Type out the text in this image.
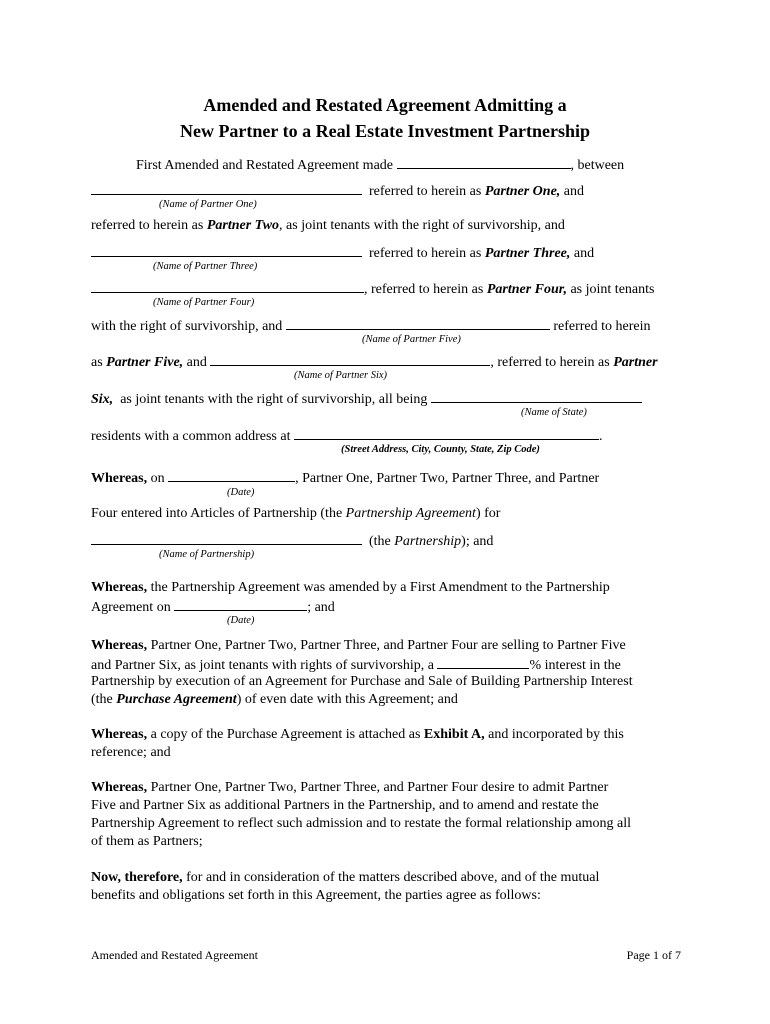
Amended and Restated Agreement Admitting a
New Partner to a Real Estate Investment Partnership
First Amended and Restated Agreement made	, between
referred to herein as Partner One, and
(Name of Partner One)
referred to herein as Partner Two, as joint tenants with the right of survivorship, and
referred to herein as Partner Three, and
(Name of Partner Three)
, referred to herein as Partner Four, as joint tenants
(Name of Partner Four)
with the right of survivorship, and	referred to herein
(Name of Partner Five)
as Partner Five, and	, referred to herein as Partner
(Name of Partner Six)
Six, as joint tenants with the right of survivorship, all being
(Name of State)
residents with a common address at	.
(Street Address, City, County, State, Zip Code)
Whereas, on	, Partner One, Partner Two, Partner Three, and Partner
(Date)
Four entered into Articles of Partnership (the Partnership Agreement) for
(the Partnership); and
(Name of Partnership)
Whereas, the Partnership Agreement was amended by a First Amendment to the Partnership
Agreement on	; and
(Date)
Whereas, Partner One, Partner Two, Partner Three, and Partner Four are selling to Partner Five
and Partner Six, as joint tenants with rights of survivorship, a	% interest in the
Partnership by execution of an Agreement for Purchase and Sale of Building Partnership Interest
(the Purchase Agreement) of even date with this Agreement; and
Whereas, a copy of the Purchase Agreement is attached as Exhibit A, and incorporated by this
reference; and
Whereas, Partner One, Partner Two, Partner Three, and Partner Four desire to admit Partner
Five and Partner Six as additional Partners in the Partnership, and to amend and restate the
Partnership Agreement to reflect such admission and to restate the formal relationship among all
of them as Partners;
Now, therefore, for and in consideration of the matters described above, and of the mutual
benefits and obligations set forth in this Agreement, the parties agree as follows:
Amended and Restated Agreement	Page 1 of 7
